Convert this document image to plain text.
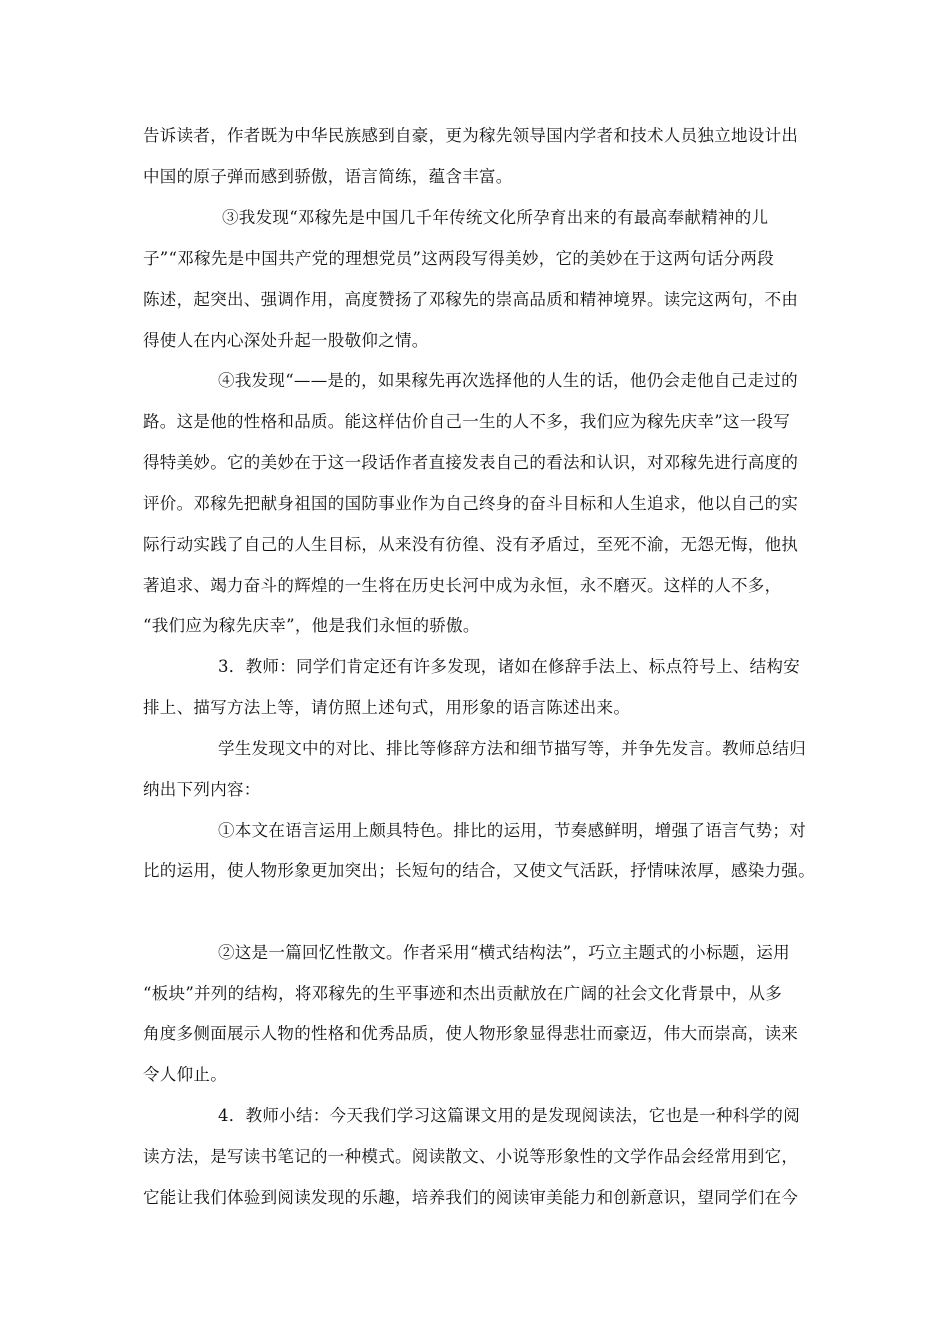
告诉读者，作者既为中华民族感到自豪，更为稼先领导国内学者和技术人员独立地设计出
中国的原子弹而感到骄傲，语言简练，蕴含丰富。
③我发现“邓稼先是中国几千年传统文化所孕育出来的有最高奉献精神的儿
子”“邓稼先是中国共产党的理想党员”这两段写得美妙，它的美妙在于这两句话分两段
陈述，起突出、强调作用，高度赞扬了邓稼先的崇高品质和精神境界。读完这两句，不由
得使人在内心深处升起一股敬仰之情。
④我发现“——是的，如果稼先再次选择他的人生的话，他仍会走他自己走过的
路。这是他的性格和品质。能这样估价自己一生的人不多，我们应为稼先庆幸”这一段写
得特美妙。它的美妙在于这一段话作者直接发表自己的看法和认识，对邓稼先进行高度的
评价。邓稼先把献身祖国的国防事业作为自己终身的奋斗目标和人生追求，他以自己的实
际行动实践了自己的人生目标，从来没有彷徨、没有矛盾过，至死不渝，无怨无悔，他执
著追求、竭力奋斗的辉煌的一生将在历史长河中成为永恒，永不磨灭。这样的人不多，
“我们应为稼先庆幸”，他是我们永恒的骄傲。
3．教师：同学们肯定还有许多发现，诸如在修辞手法上、标点符号上、结构安
排上、描写方法上等，请仿照上述句式，用形象的语言陈述出来。
学生发现文中的对比、排比等修辞方法和细节描写等，并争先发言。教师总结归
纳出下列内容：
①本文在语言运用上颇具特色。排比的运用，节奏感鲜明，增强了语言气势；对
比的运用，使人物形象更加突出；长短句的结合，又使文气活跃，抒情味浓厚，感染力强。
②这是一篇回忆性散文。作者采用“横式结构法”，巧立主题式的小标题，运用
“板块”并列的结构，将邓稼先的生平事迹和杰出贡献放在广阔的社会文化背景中，从多
角度多侧面展示人物的性格和优秀品质，使人物形象显得悲壮而豪迈，伟大而崇高，读来
令人仰止。
4．教师小结：今天我们学习这篇课文用的是发现阅读法，它也是一种科学的阅
读方法，是写读书笔记的一种模式。阅读散文、小说等形象性的文学作品会经常用到它，
它能让我们体验到阅读发现的乐趣，培养我们的阅读审美能力和创新意识，望同学们在今
